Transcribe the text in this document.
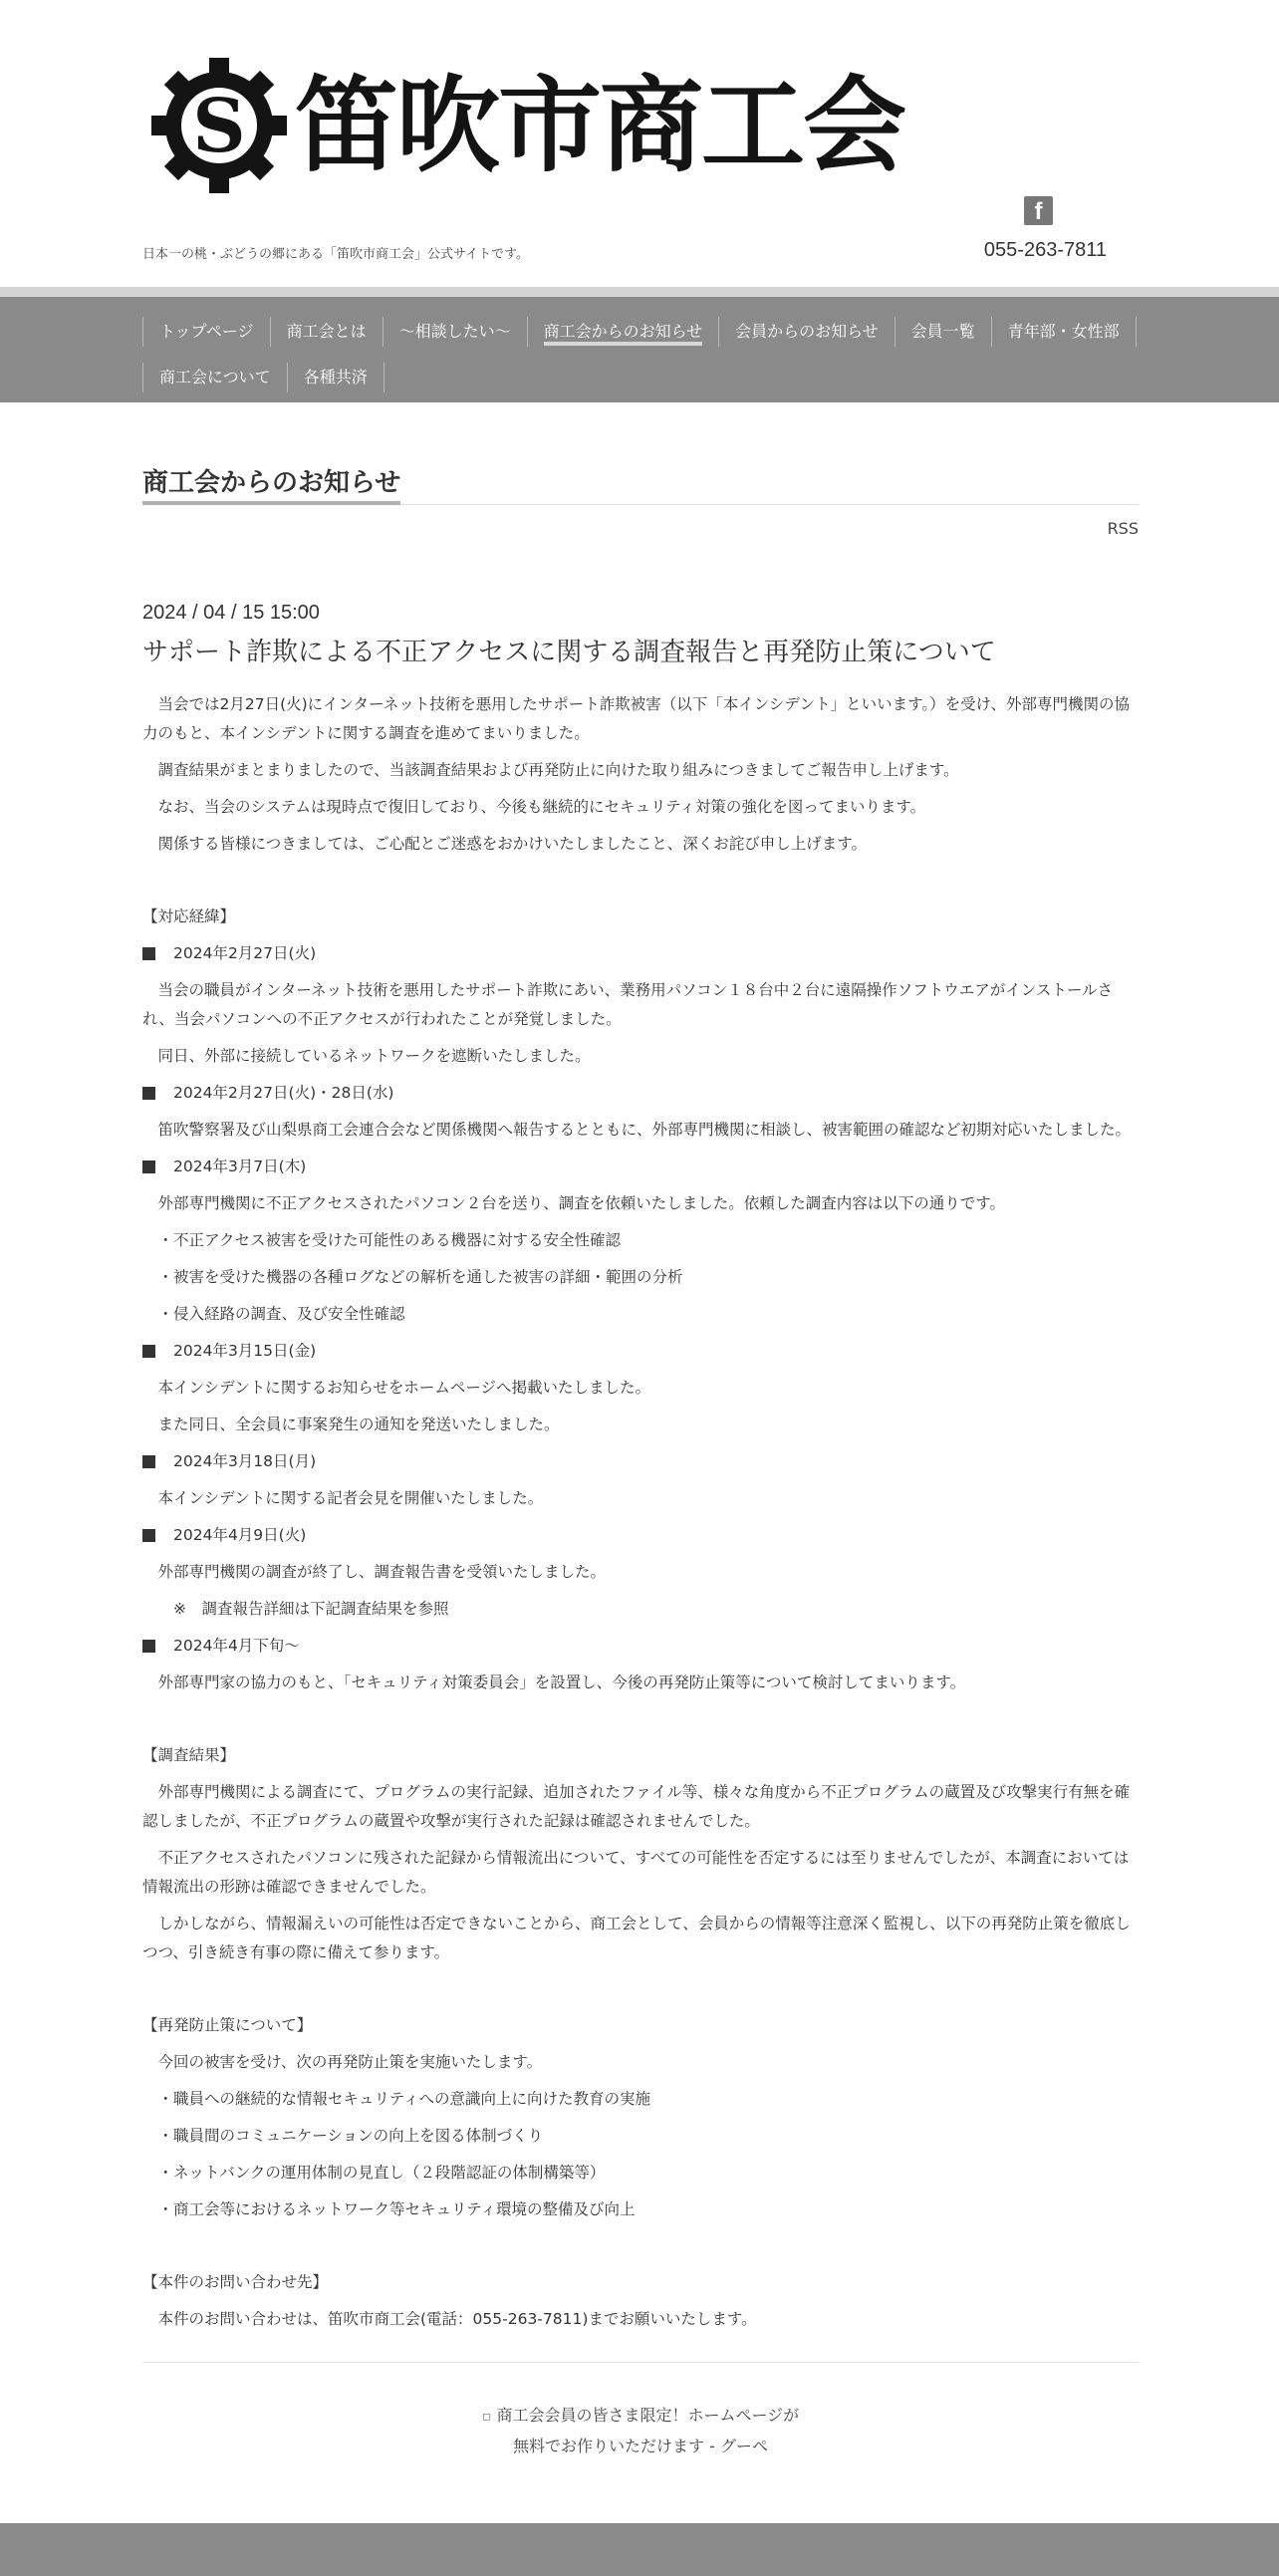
S 笛吹市商工会
日本一の桃・ぶどうの郷にある「笛吹市商工会」公式サイトです。
f
055-263-7811
トップページ	商工会とは	〜相談したい〜	商工会からのお知らせ	会員からのお知らせ	会員一覧	青年部・女性部
商工会について	各種共済
商工会からのお知らせ
RSS
2024 / 04 / 15 15:00
サポート詐欺による不正アクセスに関する調査報告と再発防止策について

当会では2月27日(火)にインターネット技術を悪用したサポート詐欺被害（以下「本インシデント」といいます。）を受け、外部専門機関の協力のもと、本インシデントに関する調査を進めてまいりました。

調査結果がまとまりましたので、当該調査結果および再発防止に向けた取り組みにつきましてご報告申し上げます。

なお、当会のシステムは現時点で復旧しており、今後も継続的にセキュリティ対策の強化を図ってまいります。

関係する皆様につきましては、ご心配とご迷惑をおかけいたしましたこと、深くお詫び申し上げます。

【対応経緯】
2024年2月27日(火)

当会の職員がインターネット技術を悪用したサポート詐欺にあい、業務用パソコン１８台中２台に遠隔操作ソフトウエアがインストールされ、当会パソコンへの不正アクセスが行われたことが発覚しました。

同日、外部に接続しているネットワークを遮断いたしました。

2024年2月27日(火)・28日(水)

笛吹警察署及び山梨県商工会連合会など関係機関へ報告するとともに、外部専門機関に相談し、被害範囲の確認など初期対応いたしました。

2024年3月7日(木)

外部専門機関に不正アクセスされたパソコン２台を送り、調査を依頼いたしました。依頼した調査内容は以下の通りです。

・不正アクセス被害を受けた可能性のある機器に対する安全性確認
・被害を受けた機器の各種ログなどの解析を通した被害の詳細・範囲の分析
・侵入経路の調査、及び安全性確認
2024年3月15日(金)

本インシデントに関するお知らせをホームページへ掲載いたしました。

また同日、全会員に事案発生の通知を発送いたしました。

2024年3月18日(月)

本インシデントに関する記者会見を開催いたしました。

2024年4月9日(火)

外部専門機関の調査が終了し、調査報告書を受領いたしました。

※　調査報告詳細は下記調査結果を参照
2024年4月下旬〜

外部専門家の協力のもと、「セキュリティ対策委員会」を設置し、今後の再発防止策等について検討してまいります。

【調査結果】

外部専門機関による調査にて、プログラムの実行記録、追加されたファイル等、様々な角度から不正プログラムの蔵置及び攻撃実行有無を確認しましたが、不正プログラムの蔵置や攻撃が実行された記録は確認されませんでした。

不正アクセスされたパソコンに残された記録から情報流出について、すべての可能性を否定するには至りませんでしたが、本調査においては情報流出の形跡は確認できませんでした。

しかしながら、情報漏えいの可能性は否定できないことから、商工会として、会員からの情報等注意深く監視し、以下の再発防止策を徹底しつつ、引き続き有事の際に備えて参ります。

【再発防止策について】

今回の被害を受け、次の再発防止策を実施いたします。

・職員への継続的な情報セキュリティへの意識向上に向けた教育の実施
・職員間のコミュニケーションの向上を図る体制づくり
・ネットバンクの運用体制の見直し（２段階認証の体制構築等）
・商工会等におけるネットワーク等セキュリティ環境の整備及び向上
【本件のお問い合わせ先】

本件のお問い合わせは、笛吹市商工会(電話：055-263-7811)までお願いいたします。

▫ 商工会会員の皆さま限定！ホームページが無料でお作りいただけます - グーペ
